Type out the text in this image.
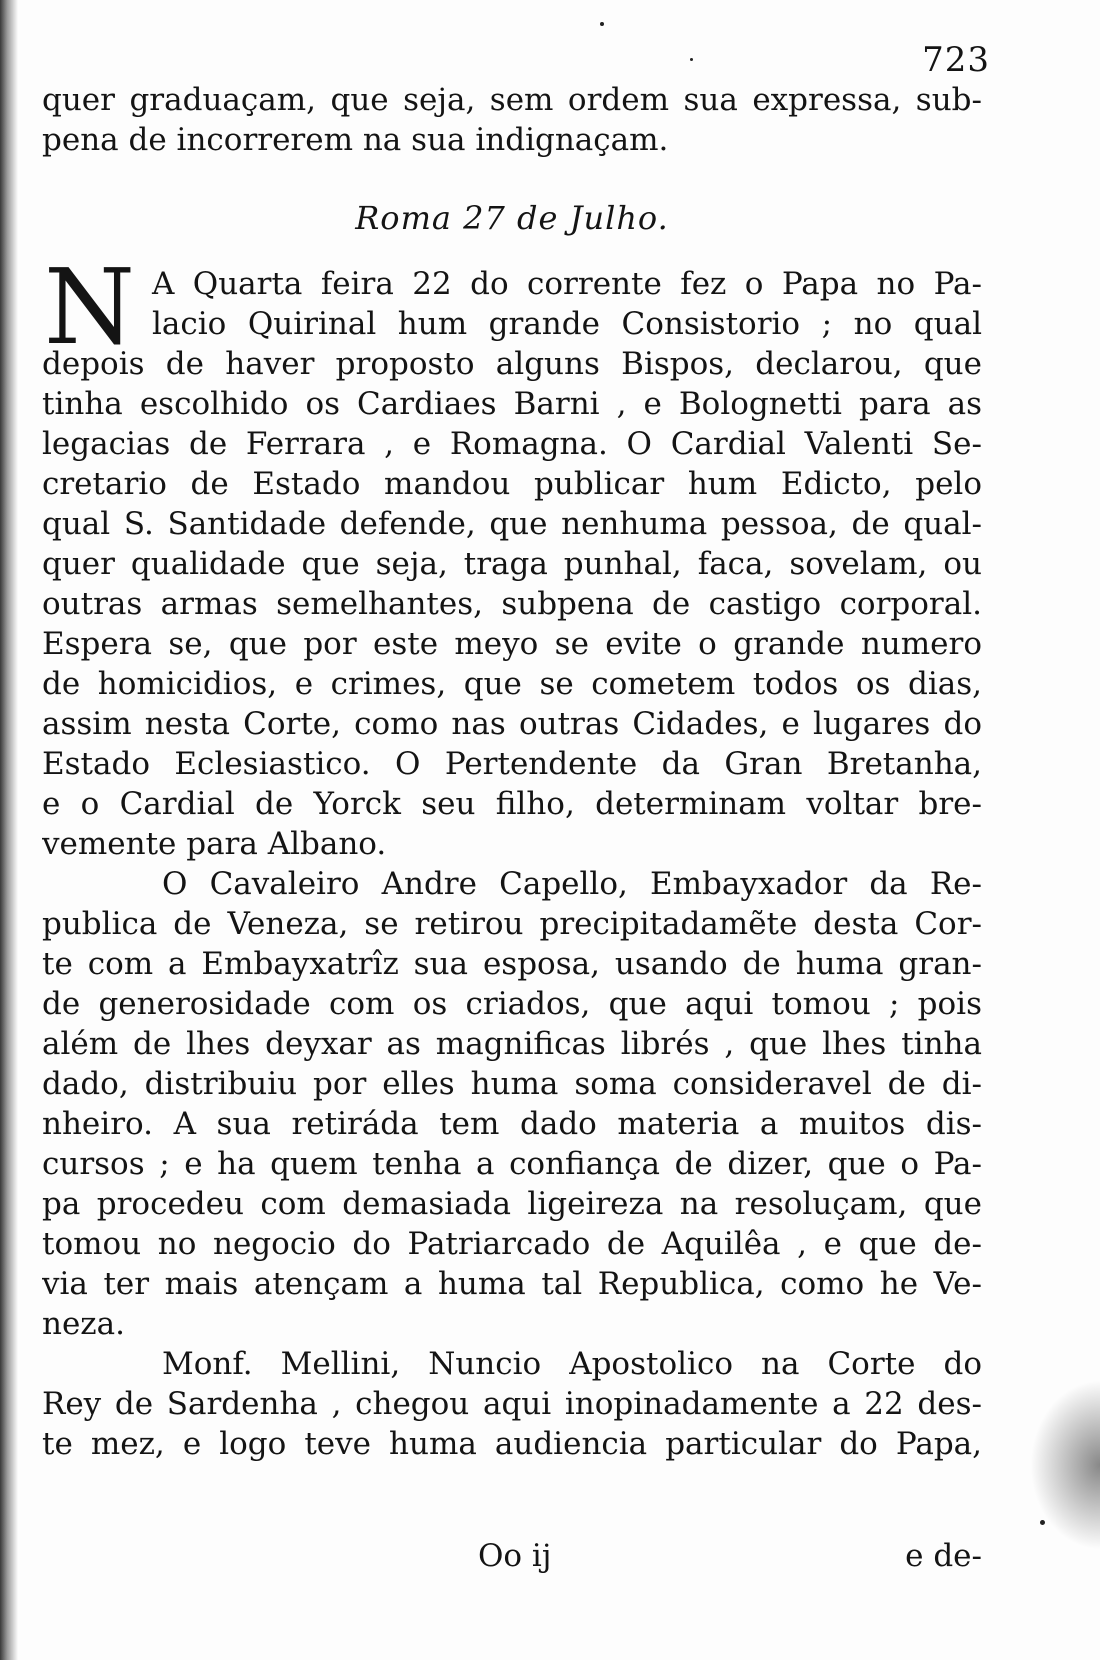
723
quer graduaçam, que seja, sem ordem sua expressa, sub-
pena de incorrerem na sua indignaçam.
Roma 27 de Julho.
N A Quarta feira 22 do corrente fez o Papa no Pa-
lacio Quirinal hum grande Consistorio ; no qual
depois de haver proposto alguns Bispos, declarou, que
tinha escolhido os Cardiaes Barni , e Bolognetti para as
legacias de Ferrara , e Romagna. O Cardial Valenti Se-
cretario de Estado mandou publicar hum Edicto, pelo
qual S. Santidade defende, que nenhuma pessoa, de qual-
quer qualidade que seja, traga punhal, faca, sovelam, ou
outras armas semelhantes, subpena de castigo corporal.
Espera se, que por este meyo se evite o grande numero
de homicidios, e crimes, que se cometem todos os dias,
assim nesta Corte, como nas outras Cidades, e lugares do
Estado Eclesiastico. O Pertendente da Gran Bretanha,
e o Cardial de Yorck seu filho, determinam voltar bre-
vemente para Albano.
O Cavaleiro Andre Capello, Embayxador da Re-
publica de Veneza, se retirou precipitadamẽte desta Cor-
te com a Embayxatrîz sua esposa, usando de huma gran-
de generosidade com os criados, que aqui tomou ; pois
além de lhes deyxar as magnificas librés , que lhes tinha
dado, distribuiu por elles huma soma consideravel de di-
nheiro. A sua retiráda tem dado materia a muitos dis-
cursos ; e ha quem tenha a confiança de dizer, que o Pa-
pa procedeu com demasiada ligeireza na resoluçam, que
tomou no negocio do Patriarcado de Aquilêa , e que de-
via ter mais atençam a huma tal Republica, como he Ve-
neza.
Monf. Mellini, Nuncio Apostolico na Corte do
Rey de Sardenha , chegou aqui inopinadamente a 22 des-
te mez, e logo teve huma audiencia particular do Papa,
Oo ij	e de-
